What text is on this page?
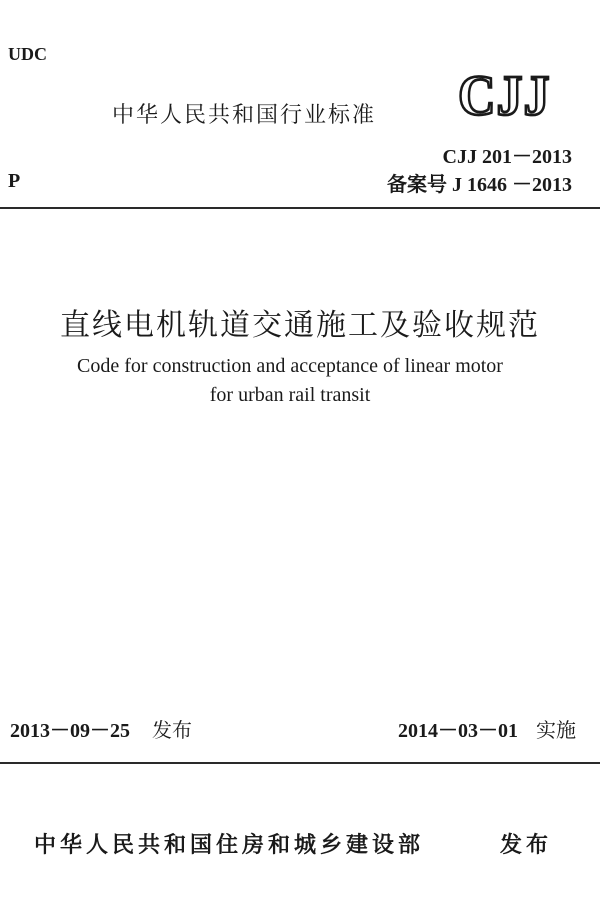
UDC
中华人民共和国行业标准 CJJ
P
CJJ 201－2013
备案号 J 1646 －2013
直线电机轨道交通施工及验收规范
Code for construction and acceptance of linear motor
for urban rail transit
2013－09－25 发布	2014－03－01 实施
中华人民共和国住房和城乡建设部	发布
